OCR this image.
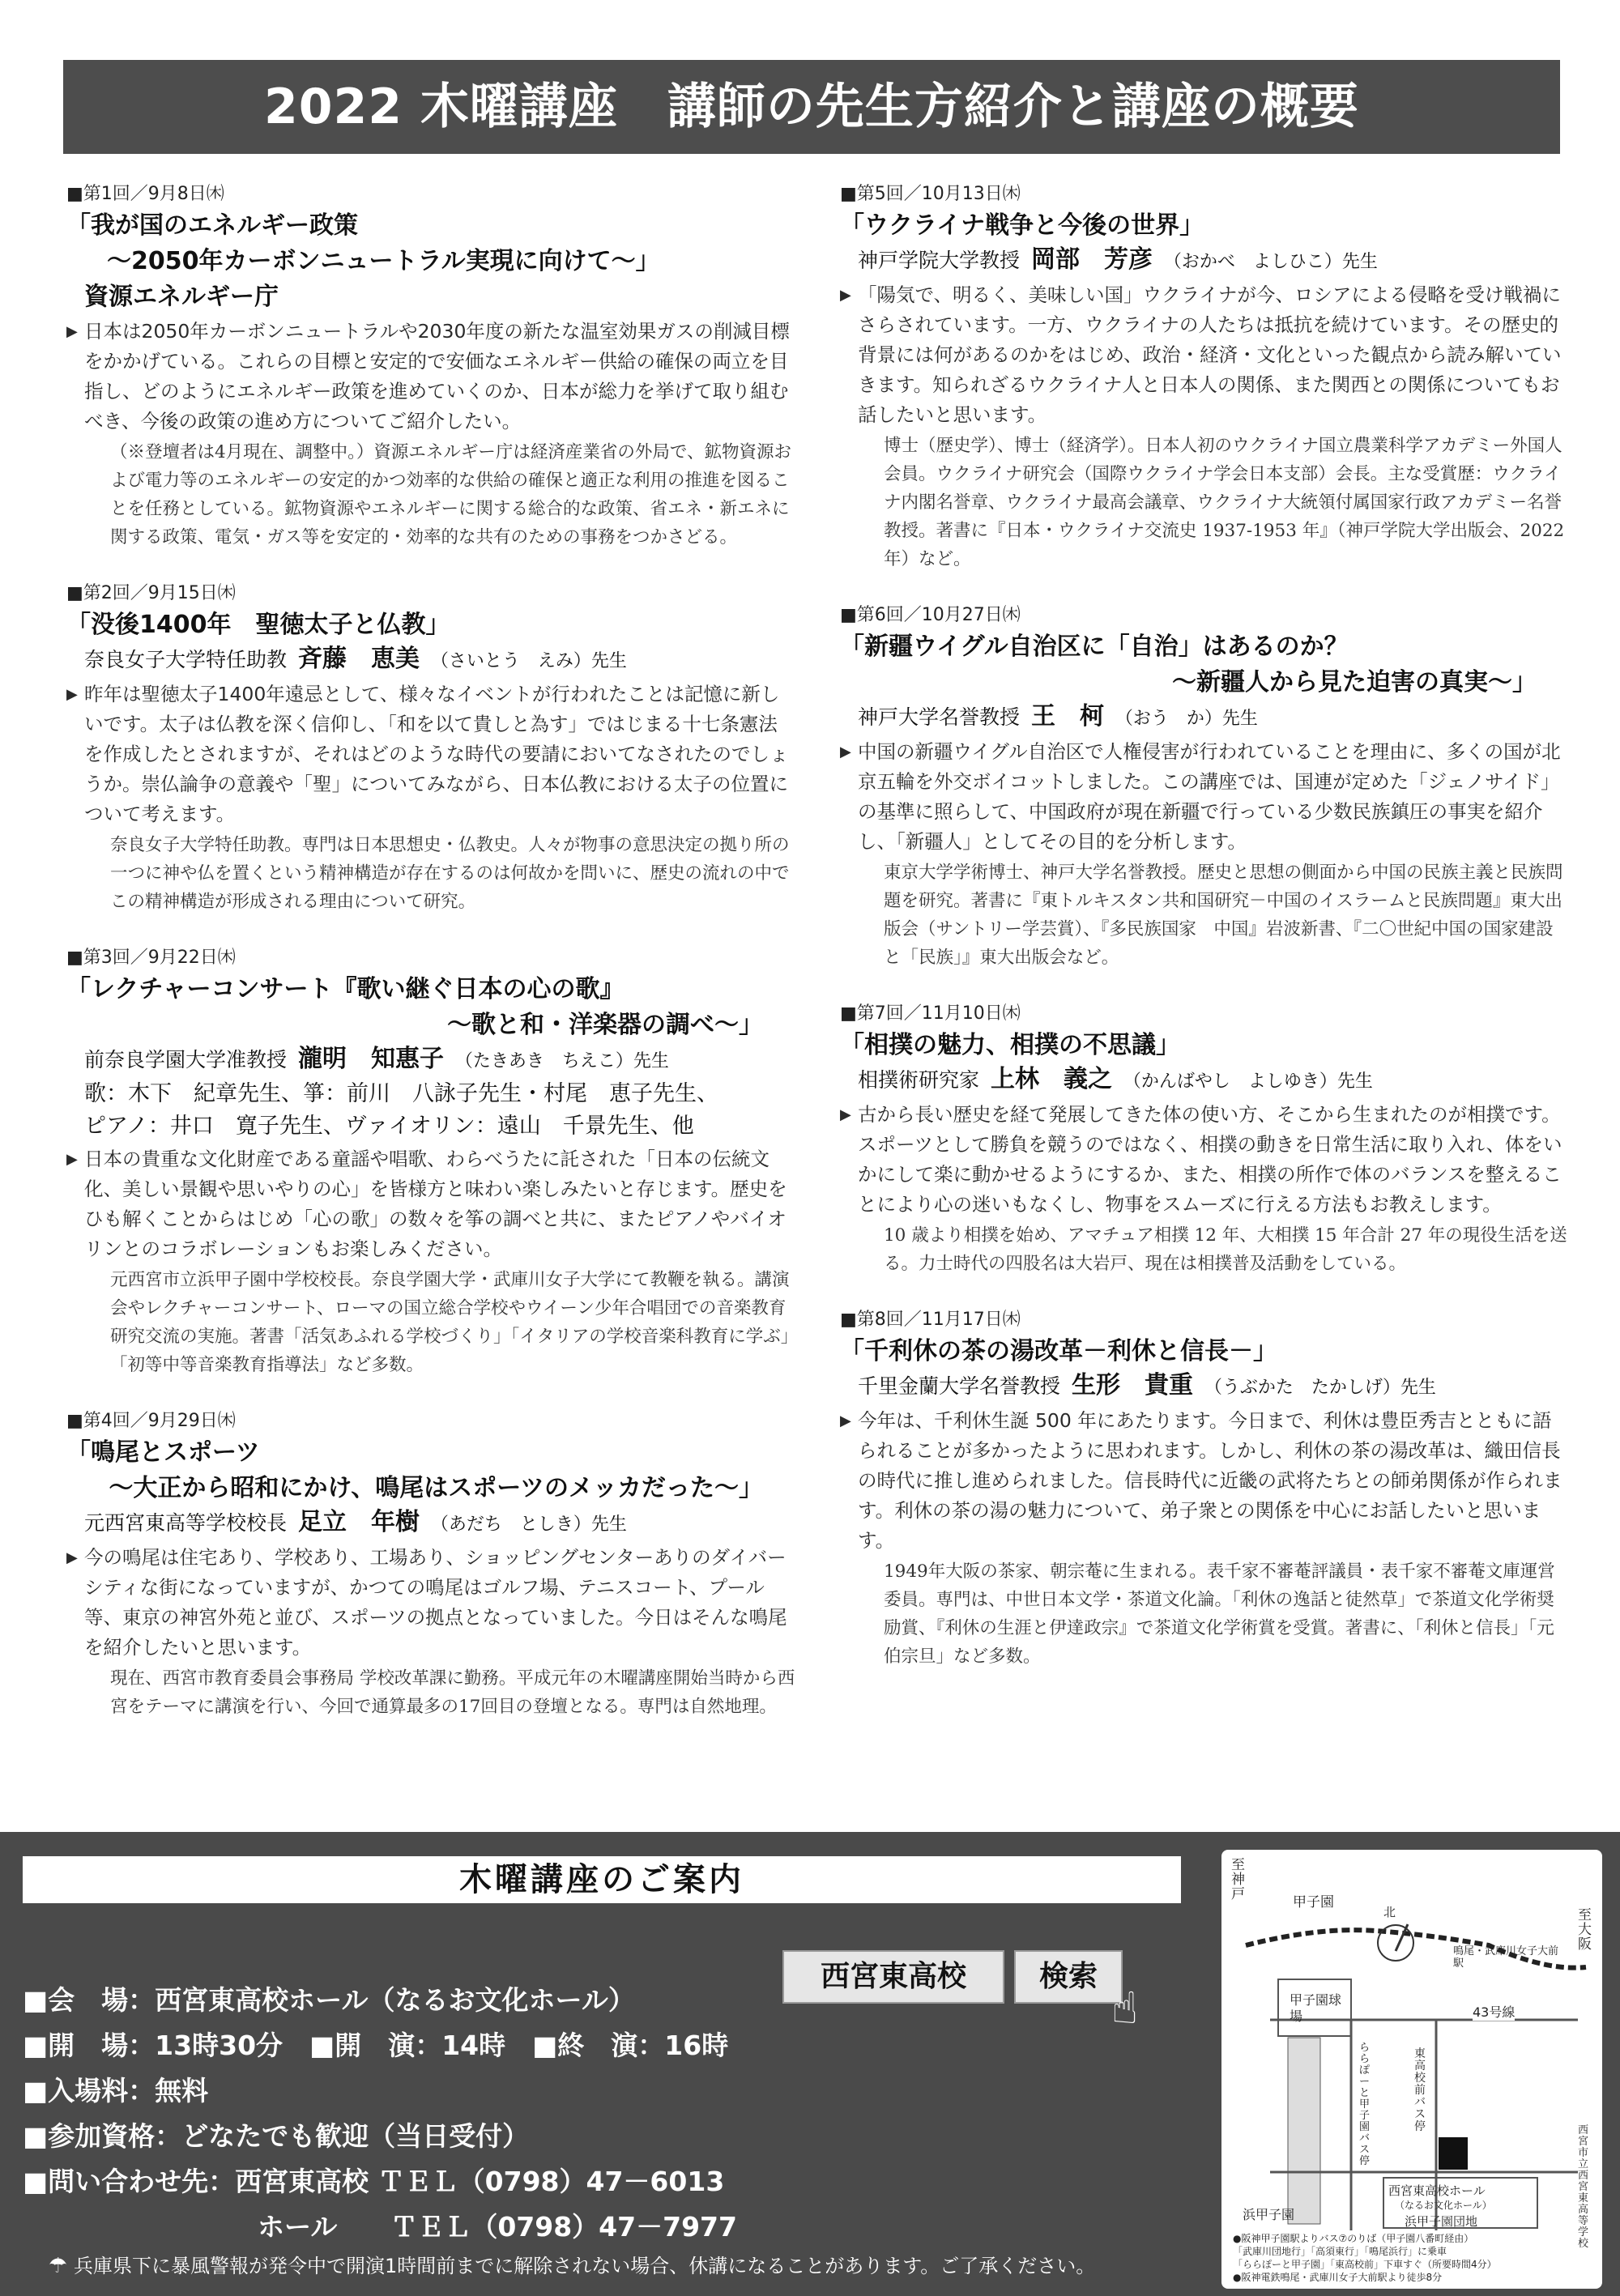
2022 木曜講座　講師の先生方紹介と講座の概要
■第1回／9月8日㈭
「我が国のエネルギー政策
〜2050年カーボンニュートラル実現に向けて〜」
資源エネルギー庁
▶ 日本は2050年カーボンニュートラルや2030年度の新たな温室効果ガスの削減目標をかかげている。これらの目標と安定的で安価なエネルギー供給の確保の両立を目指し、どのようにエネルギー政策を進めていくのか、日本が総力を挙げて取り組むべき、今後の政策の進め方についてご紹介したい。
（※登壇者は4月現在、調整中。）資源エネルギー庁は経済産業省の外局で、鉱物資源および電力等のエネルギーの安定的かつ効率的な供給の確保と適正な利用の推進を図ることを任務としている。鉱物資源やエネルギーに関する総合的な政策、省エネ・新エネに関する政策、電気・ガス等を安定的・効率的な共有のための事務をつかさどる。
■第2回／9月15日㈭
「没後1400年　聖徳太子と仏教」
奈良女子大学特任助教 斉藤　恵美 （さいとう　えみ）先生
▶ 昨年は聖徳太子1400年遠忌として、様々なイベントが行われたことは記憶に新しいです。太子は仏教を深く信仰し、「和を以て貴しと為す」ではじまる十七条憲法を作成したとされますが、それはどのような時代の要請においてなされたのでしょうか。崇仏論争の意義や「聖」についてみながら、日本仏教における太子の位置について考えます。
奈良女子大学特任助教。専門は日本思想史・仏教史。人々が物事の意思決定の拠り所の一つに神や仏を置くという精神構造が存在するのは何故かを問いに、歴史の流れの中でこの精神構造が形成される理由について研究。
■第3回／9月22日㈭
「レクチャーコンサート『歌い継ぐ日本の心の歌』
〜歌と和・洋楽器の調べ〜」
前奈良学園大学准教授 瀧明　知惠子 （たきあき　ちえこ）先生
歌：木下　紀章先生、箏：前川　八詠子先生・村尾　恵子先生、
ピアノ：井口　寛子先生、ヴァイオリン：遠山　千景先生、他
▶ 日本の貴重な文化財産である童謡や唱歌、わらべうたに託された「日本の伝統文化、美しい景観や思いやりの心」を皆様方と味わい楽しみたいと存じます。歴史をひも解くことからはじめ「心の歌」の数々を筝の調べと共に、またピアノやバイオリンとのコラボレーションもお楽しみください。
元西宮市立浜甲子園中学校校長。奈良学園大学・武庫川女子大学にて教鞭を執る。講演会やレクチャーコンサート、ローマの国立総合学校やウイーン少年合唱団での音楽教育研究交流の実施。著書「活気あふれる学校づくり」「イタリアの学校音楽科教育に学ぶ」「初等中等音楽教育指導法」など多数。
■第4回／9月29日㈭
「鳴尾とスポーツ
〜大正から昭和にかけ、鳴尾はスポーツのメッカだった〜」
元西宮東高等学校校長 足立　年樹 （あだち　としき）先生
▶ 今の鳴尾は住宅あり、学校あり、工場あり、ショッピングセンターありのダイバーシティな街になっていますが、かつての鳴尾はゴルフ場、テニスコート、プール等、東京の神宮外苑と並び、スポーツの拠点となっていました。今日はそんな鳴尾を紹介したいと思います。
現在、西宮市教育委員会事務局 学校改革課に勤務。平成元年の木曜講座開始当時から西宮をテーマに講演を行い、今回で通算最多の17回目の登壇となる。専門は自然地理。
■第5回／10月13日㈭
「ウクライナ戦争と今後の世界」
神戸学院大学教授 岡部　芳彦 （おかべ　よしひこ）先生
▶ 「陽気で、明るく、美味しい国」ウクライナが今、ロシアによる侵略を受け戦禍にさらされています。一方、ウクライナの人たちは抵抗を続けています。その歴史的背景には何があるのかをはじめ、政治・経済・文化といった観点から読み解いていきます。知られざるウクライナ人と日本人の関係、また関西との関係についてもお話したいと思います。
博士（歴史学）、博士（経済学）。日本人初のウクライナ国立農業科学アカデミー外国人会員。ウクライナ研究会（国際ウクライナ学会日本支部）会長。主な受賞歴：ウクライナ内閣名誉章、ウクライナ最高会議章、ウクライナ大統領付属国家行政アカデミー名誉教授。著書に『日本・ウクライナ交流史 1937-1953 年』（神戸学院大学出版会、2022 年）など。
■第6回／10月27日㈭
「新疆ウイグル自治区に「自治」はあるのか？
〜新疆人から見た迫害の真実〜」
神戸大学名誉教授 王　柯 （おう　か）先生
▶ 中国の新疆ウイグル自治区で人権侵害が行われていることを理由に、多くの国が北京五輪を外交ボイコットしました。この講座では、国連が定めた「ジェノサイド」の基準に照らして、中国政府が現在新疆で行っている少数民族鎮圧の事実を紹介し、「新疆人」としてその目的を分析します。
東京大学学術博士、神戸大学名誉教授。歴史と思想の側面から中国の民族主義と民族問題を研究。著書に『東トルキスタン共和国研究－中国のイスラームと民族問題』東大出版会（サントリー学芸賞）、『多民族国家　中国』岩波新書、『二〇世紀中国の国家建設と「民族」』東大出版会など。
■第7回／11月10日㈭
「相撲の魅力、相撲の不思議」
相撲術研究家 上林　義之 （かんばやし　よしゆき）先生
▶ 古から長い歴史を経て発展してきた体の使い方、そこから生まれたのが相撲です。スポーツとして勝負を競うのではなく、相撲の動きを日常生活に取り入れ、体をいかにして楽に動かせるようにするか、また、相撲の所作で体のバランスを整えることにより心の迷いもなくし、物事をスムーズに行える方法もお教えします。
10 歳より相撲を始め、アマチュア相撲 12 年、大相撲 15 年合計 27 年の現役生活を送る。力士時代の四股名は大岩戸、現在は相撲普及活動をしている。
■第8回／11月17日㈭
「千利休の茶の湯改革－利休と信長－」
千里金蘭大学名誉教授 生形　貴重 （うぶかた　たかしげ）先生
▶ 今年は、千利休生誕 500 年にあたります。今日まで、利休は豊臣秀吉とともに語られることが多かったように思われます。しかし、利休の茶の湯改革は、織田信長の時代に推し進められました。信長時代に近畿の武将たちとの師弟関係が作られます。利休の茶の湯の魅力について、弟子衆との関係を中心にお話したいと思います。
1949年大阪の茶家、朝宗菴に生まれる。表千家不審菴評議員・表千家不審菴文庫運営委員。専門は、中世日本文学・茶道文化論。「利休の逸話と徒然草」で茶道文化学術奨励賞、『利休の生涯と伊達政宗』で茶道文化学術賞を受賞。著書に、「利休と信長」「元伯宗旦」など多数。
木曜講座のご案内
■会　場：西宮東高校ホール（なるお文化ホール）
■開　場：13時30分　■開　演：14時　■終　演：16時
■入場料：無料
■参加資格：どなたでも歓迎（当日受付）
■問い合わせ先：西宮東高校 ＴＥＬ（0798）47－6013
ホール　　ＴＥＬ（0798）47－7977
西宮東高校	検索
☝
☂ 兵庫県下に暴風警報が発令中で開演1時間前までに解除されない場合、休講になることがあります。ご了承ください。
至神戸	甲子園
北	至大阪
鳴尾・武庫川女子大前駅
甲子園球場	43号線
ららぽーと甲子園バス停
東高校前バス停	西宮市立西宮東高等学校
西宮東高校ホール
（なるお文化ホール）
浜甲子園団地
浜甲子園
●阪神甲子園駅よりバス⑦のりば（甲子園八番町経由）
「武庫川団地行」「高須東行」「鳴尾浜行」に乗車
「ららぽーと甲子園」「東高校前」下車すぐ（所要時間4分）
●阪神電鉄鳴尾・武庫川女子大前駅より徒歩8分
